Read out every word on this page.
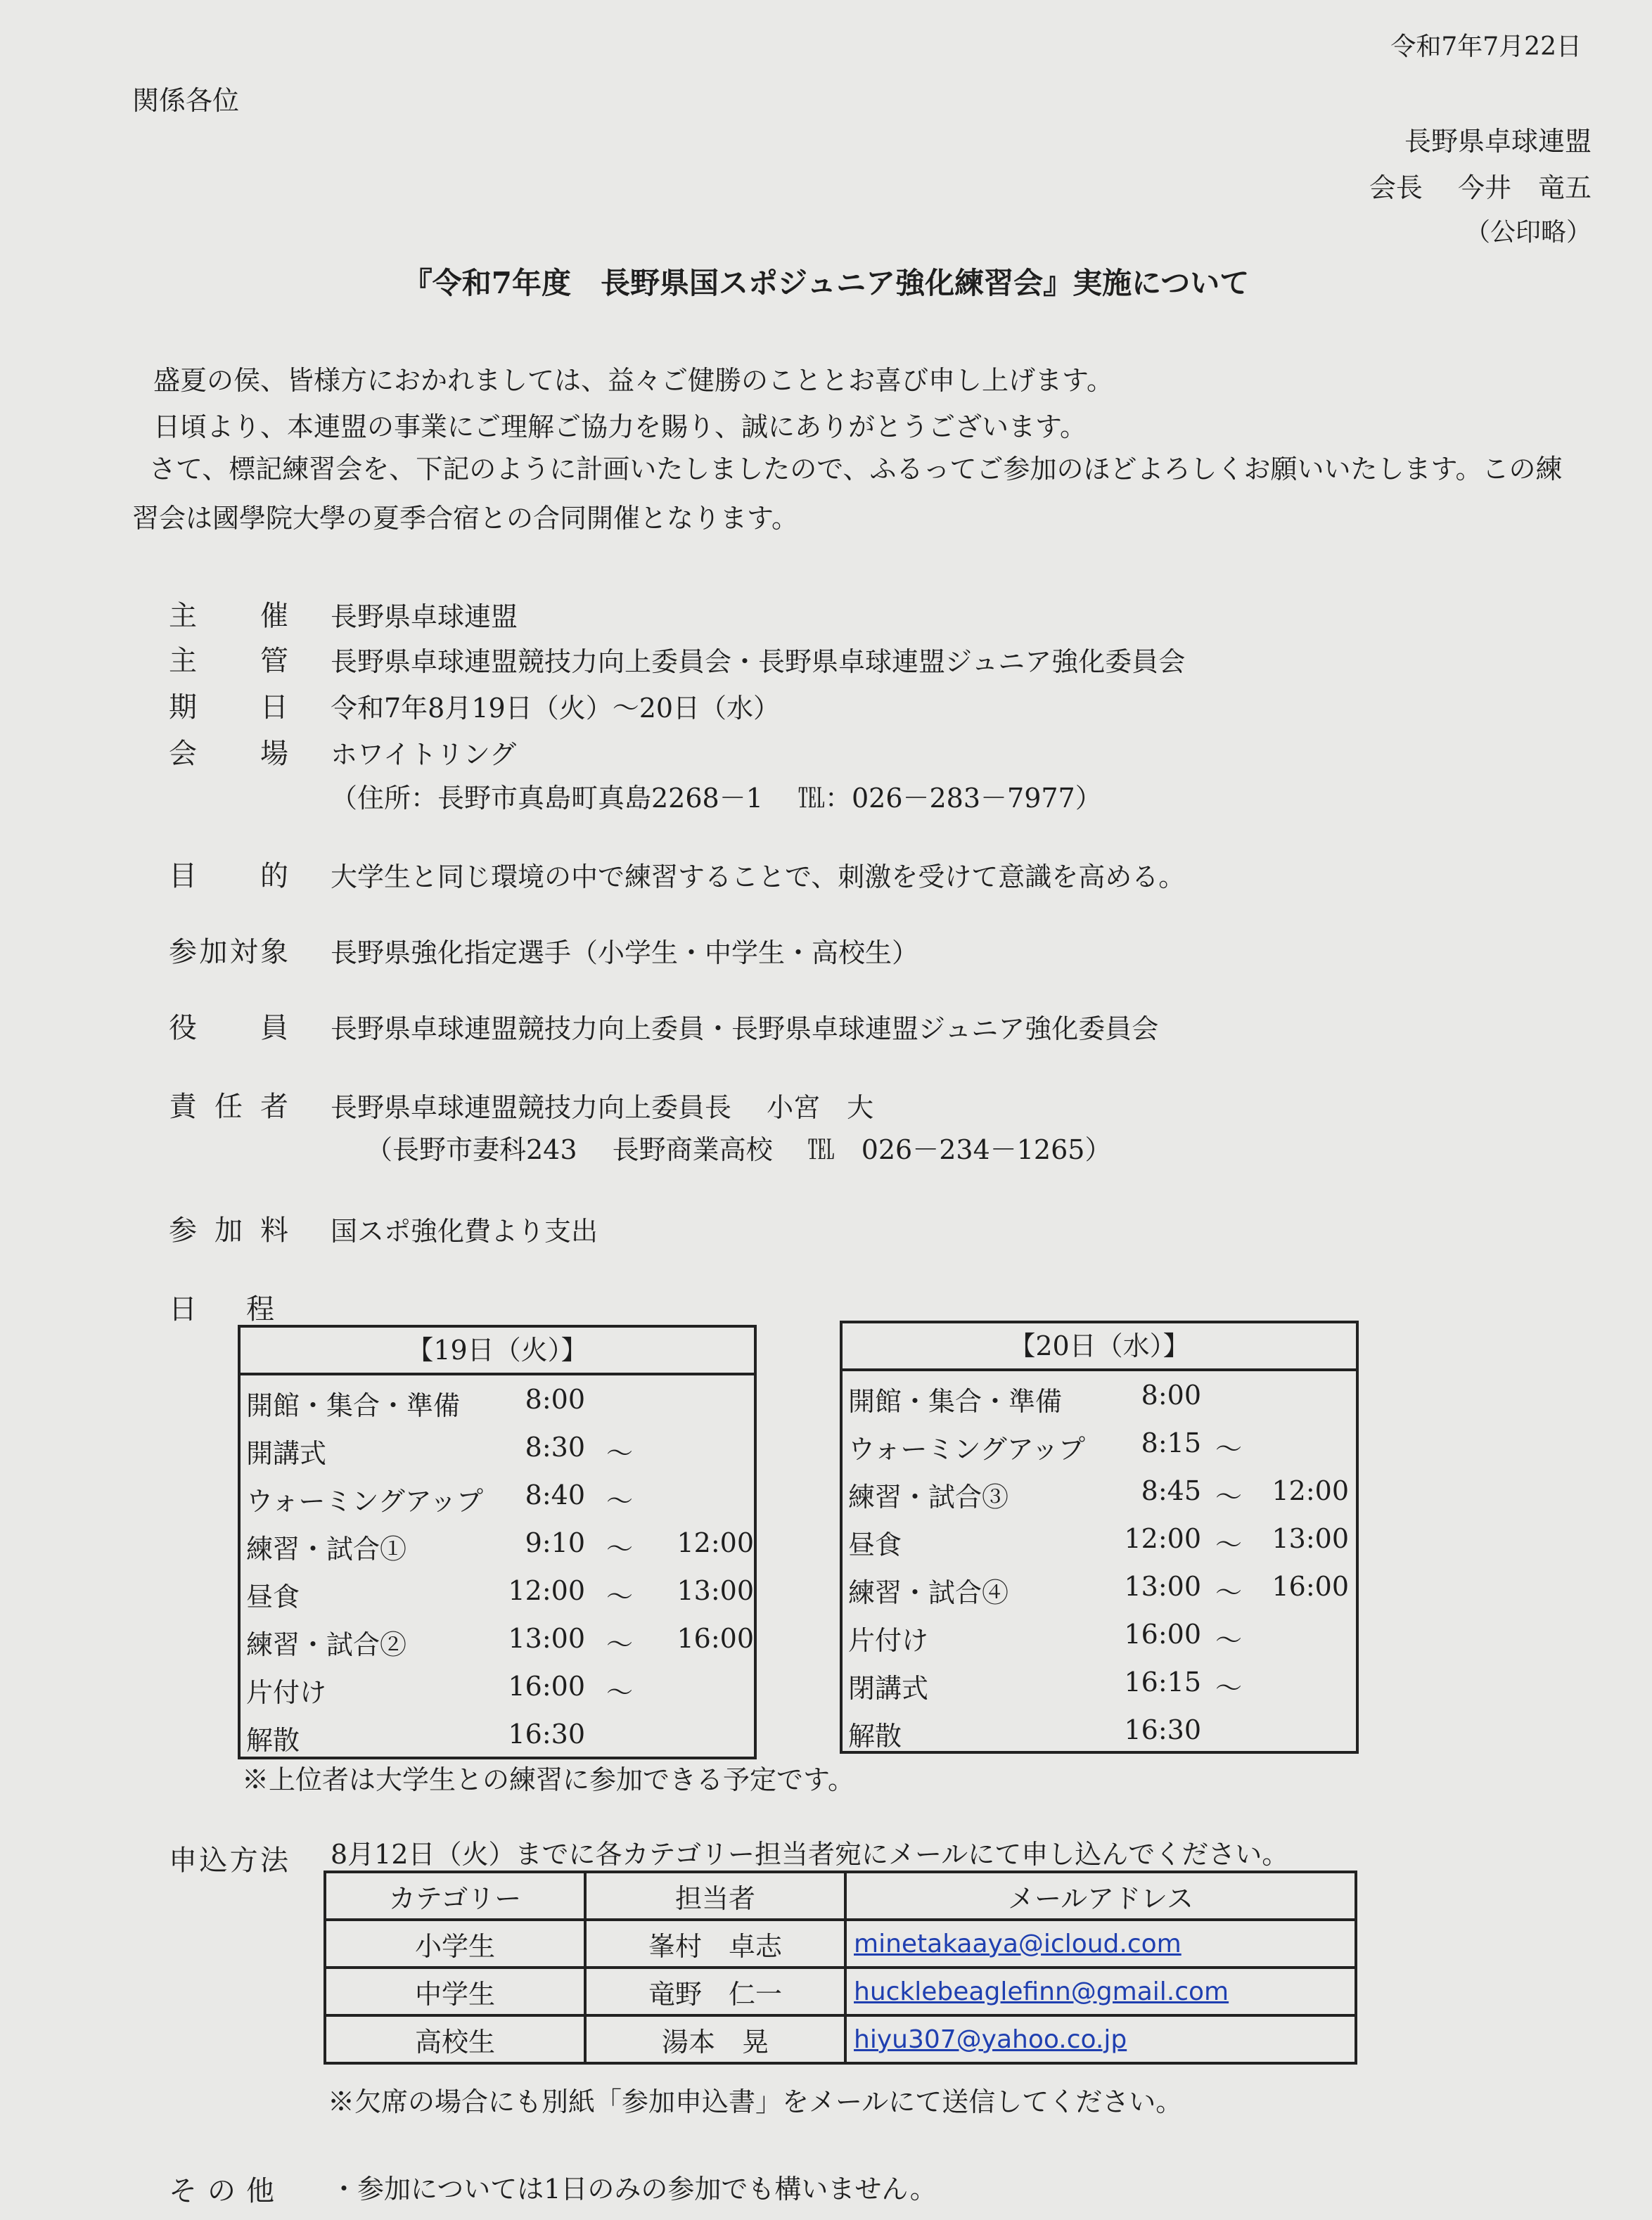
令和7年7月22日
関係各位
長野県卓球連盟
会長　 今井　竜五
（公印略）
『令和7年度　長野県国スポジュニア強化練習会』実施について
盛夏の侯、皆様方におかれましては、益々ご健勝のこととお喜び申し上げます。
日頃より、本連盟の事業にご理解ご協力を賜り、誠にありがとうございます。
さて、標記練習会を、下記のように計画いたしましたので、ふるってご参加のほどよろしくお願いいたします。この練
習会は國學院大學の夏季合宿との合同開催となります。
主催 長野県卓球連盟
主管 長野県卓球連盟競技力向上委員会・長野県卓球連盟ジュニア強化委員会
期日 令和7年8月19日（火）～20日（水）
会場 ホワイトリング
（住所：長野市真島町真島2268－1　 ℡：026－283－7977）
目的 大学生と同じ環境の中で練習することで、刺激を受けて意識を高める。
参加対象 長野県強化指定選手（小学生・中学生・高校生）
役員 長野県卓球連盟競技力向上委員・長野県卓球連盟ジュニア強化委員会
責任者 長野県卓球連盟競技力向上委員長　 小宮　大
（長野市妻科243　 長野商業高校　 ℡　026－234－1265）
参加料 国スポ強化費より支出
日程
【19日（火）】
開館・集合・準備	8:00
開講式	8:30 ～
ウォーミングアップ	8:40 ～
練習・試合①	9:10 ～ 12:00
昼食	12:00 ～ 13:00
練習・試合②	13:00 ～ 16:00
片付け	16:00 ～
解散	16:30
【20日（水）】
開館・集合・準備	8:00
ウォーミングアップ	8:15 ～
練習・試合③	8:45 ～ 12:00
昼食	12:00 ～ 13:00
練習・試合④	13:00 ～ 16:00
片付け	16:00 ～
閉講式	16:15 ～
解散	16:30
※上位者は大学生との練習に参加できる予定です。
申込方法 8月12日（火）までに各カテゴリー担当者宛にメールにて申し込んでください。
カテゴリー	担当者	メールアドレス
小学生	峯村　卓志	minetakaaya@icloud.com
中学生	竜野　仁一	hucklebeaglefinn@gmail.com
高校生	湯本　晃	hiyu307@yahoo.co.jp
※欠席の場合にも別紙「参加申込書」をメールにて送信してください。
その他 ・参加については1日のみの参加でも構いません。
